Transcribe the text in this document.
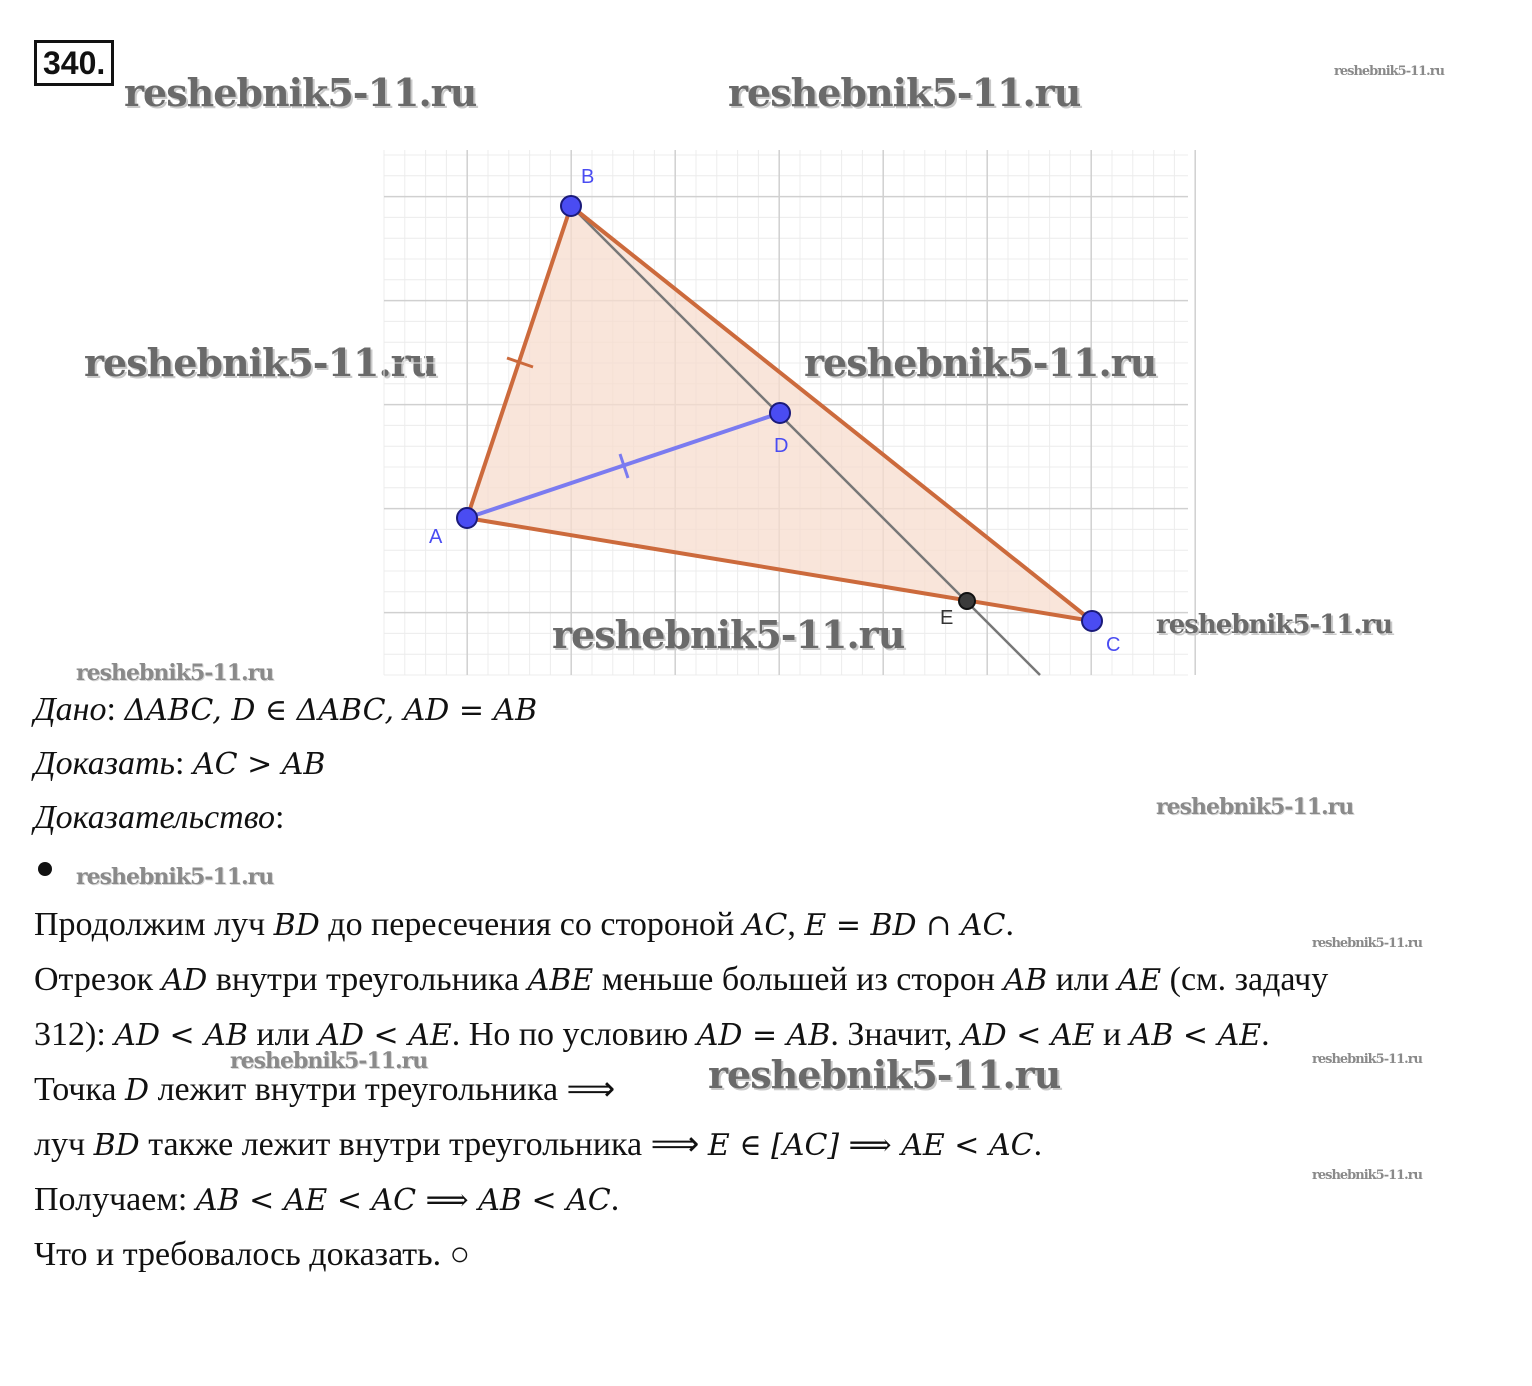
340.
reshebnik5-11.ru	reshebnik5-11.ru	reshebnik5-11.ru
reshebnik5-11.ru	reshebnik5-11.ru
reshebnik5-11.ru	reshebnik5-11.ru
reshebnik5-11.ru
reshebnik5-11.ru
reshebnik5-11.ru
reshebnik5-11.ru
reshebnik5-11.ru	reshebnik5-11.ru
reshebnik5-11.ru
reshebnik5-11.ru
B
D
A
C
E
Дано: ΔABC, D ∈ ΔABC, AD = AB
Доказать: AC > AB
Доказательство:
Продолжим луч BD до пересечения со стороной AC, E = BD ∩ AC.
Отрезок AD внутри треугольника ABE меньше большей из сторон AB или AE (см. задачу
312): AD < AB или AD < AE. Но по условию AD = AB. Значит, AD < AE и AB < AE.
Точка D лежит внутри треугольника ⟹
луч BD также лежит внутри треугольника ⟹ E ∈ [AC] ⟹ AE < AC.
Получаем: AB < AE < AC ⟹ AB < AC.
Что и требовалось доказать. ○
